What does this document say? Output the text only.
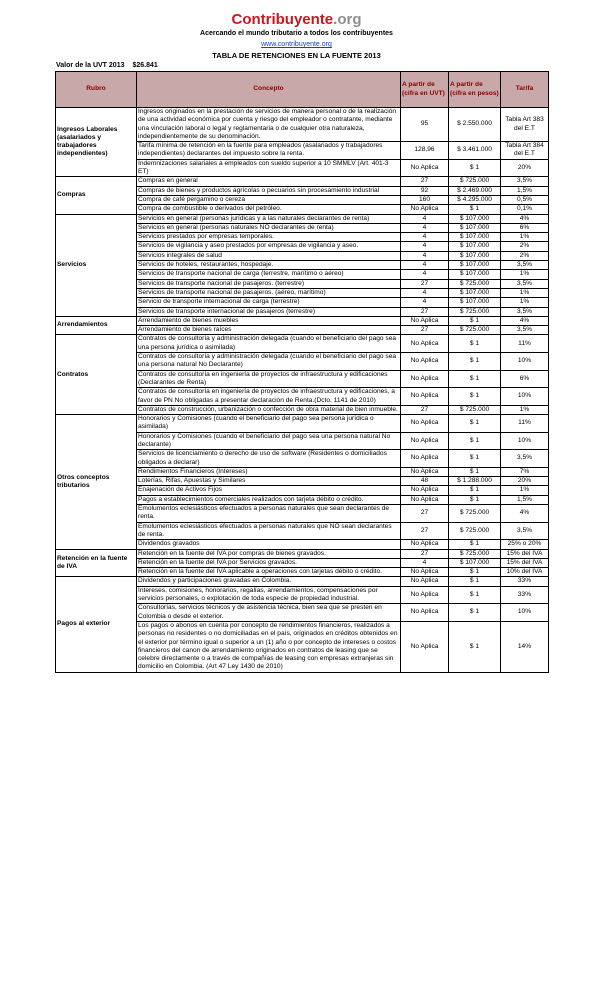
Contribuyente.org
Acercando el mundo tributario a todos los contribuyentes
www.contribuyente.org
TABLA DE RETENCIONES EN LA FUENTE 2013
Valor de la UVT 2013 $26.841
Rubro	Concepto	A partir de (cifra en UVT)	A partir de (cifra en pesos)	Tarifa
Ingresos Laborales (asalariados y trabajadores independientes)	Ingresos originados en la prestación de servicios de manera personal o de la realización de una actividad económica por cuenta y riesgo del empleador o contratante, mediante una vinculación laboral o legal y reglamentaria o de cualquier otra naturaleza, independientemente de su denominación.	95	$ 2.550.000	Tabla Art 383 del E.T
	Tarifa mínima de retención en la fuente para empleados (asalariados y trabajadores independientes) declarantes del impuesto sobre la renta.	128,96	$ 3.461.000	Tabla Art 384 del E.T
	Indemnizaciones salariales a empleados con sueldo superior a 10 SMMLV (Art. 401-3 ET)	No Aplica	$ 1	20%
Compras	Compras en general	27	$ 725.000	3,5%
	Compras de bienes y productos agrícolas o pecuarios sin procesamiento industrial	92	$ 2.469.000	1,5%
	Compra de café pergamino o cereza	160	$ 4.295.000	0,5%
	Compra de combustible o derivados del petróleo.	No Aplica	$ 1	0,1%
Servicios	Servicios en general (personas jurídicas y a las naturales declarantes de renta)	4	$ 107.000	4%
	Servicios en general (personas naturales NO declarantes de renta)	4	$ 107.000	6%
	Servicios prestados por empresas temporales.	4	$ 107.000	1%
	Servicios de vigilancia y aseo prestados por empresas de vigilancia y aseo.	4	$ 107.000	2%
	Servicios integrales de salud	4	$ 107.000	2%
	Servicios de hoteles, restaurantes, hospedaje.	4	$ 107.000	3,5%
	Servicios de transporte nacional de carga (terrestre, marítimo o aéreo)	4	$ 107.000	1%
	Servicios de transporte nacional de pasajeros. (terrestre)	27	$ 725.000	3,5%
	Servicios de transporte nacional de pasajeros. (aéreo, marítimo)	4	$ 107.000	1%
	Servicio de transporte internacional de carga (terrestre)	4	$ 107.000	1%
	Servicios de transporte internacional de pasajeros (terrestre)	27	$ 725.000	3,5%
Arrendamientos	Arrendamiento de bienes muebles	No Aplica	$ 1	4%
	Arrendamiento de bienes raíces	27	$ 725.000	3,5%
Contratos	Contratos de consultoría y administración delegada (cuando el beneficiario del pago sea una persona jurídica o asimilada)	No Aplica	$ 1	11%
	Contratos de consultoría y administración delegada (cuando el beneficiario del pago sea una persona natural No Declarante)	No Aplica	$ 1	10%
	Contratos de consultoría en ingeniería de proyectos de infraestructura y edificaciones (Declarantes de Renta)	No Aplica	$ 1	6%
	Contratos de consultoría en ingeniería de proyectos de infraestructura y edificaciones, a favor de PN No obligadas a presentar declaración de Renta.(Dcto. 1141 de 2010)	No Aplica	$ 1	10%
	Contratos de construcción, urbanización o confección de obra material de bien inmueble.	27	$ 725.000	1%
Otros conceptos tributarios	Honorarios y Comisiones (cuando el beneficiario del pago sea persona jurídica o asimilada)	No Aplica	$ 1	11%
	Honorarios y Comisiones (cuando el beneficiario del pago sea una persona natural No declarante)	No Aplica	$ 1	10%
	Servicios de licenciamiento o derecho de uso de software (Residentes o domiciliados obligados a declarar)	No Aplica	$ 1	3,5%
	Rendimientos Financieros (Intereses)	No Aplica	$ 1	7%
	Loterías, Rifas, Apuestas y Similares	48	$ 1.288.000	20%
	Enajenación de Activos Fijos	No Aplica	$ 1	1%
	Pagos a establecimientos comerciales realizados con tarjeta débito o crédito.	No Aplica	$ 1	1,5%
	Emolumentos eclesiásticos efectuados a personas naturales que sean declarantes de renta.	27	$ 725.000	4%
	Emolumentos eclesiásticos efectuados a personas naturales que NO sean declarantes de renta.	27	$ 725.000	3,5%
	Dividendos gravados	No Aplica	$ 1	25% o 20%
Retención en la fuente de IVA	Retención en la fuente del IVA por compras de bienes gravados.	27	$ 725.000	15% del IVA
	Retención en la fuente del IVA por Servicios gravados.	4	$ 107.000	15% del IVA
	Retención en la fuente del IVA aplicable a operaciones con tarjetas débito o crédito.	No Aplica	$ 1	10% del IVA
Pagos al exterior	Dividendos y participaciones gravadas en Colombia.	No Aplica	$ 1	33%
	Intereses, comisiones, honorarios, regalías, arrendamientos, compensaciones por servicios personales, o explotación de toda especie de propiedad industrial.	No Aplica	$ 1	33%
	Consultorías, servicios técnicos y de asistencia técnica, bien sea que se presten en Colombia o desde el exterior.	No Aplica	$ 1	10%
	Los pagos o abonos en cuenta por concepto de rendimientos financieros, realizados a personas no residentes o no domiciliadas en el país, originados en créditos obtenidos en el exterior por término igual o superior a un (1) año o por concepto de intereses o costos financieros del canon de arrendamiento originados en contratos de leasing que se celebre directamente o a través de compañías de leasing con empresas extranjeras sin domicilio en Colombia. (Art 47 Ley 1430 de 2010)	No Aplica	$ 1	14%
